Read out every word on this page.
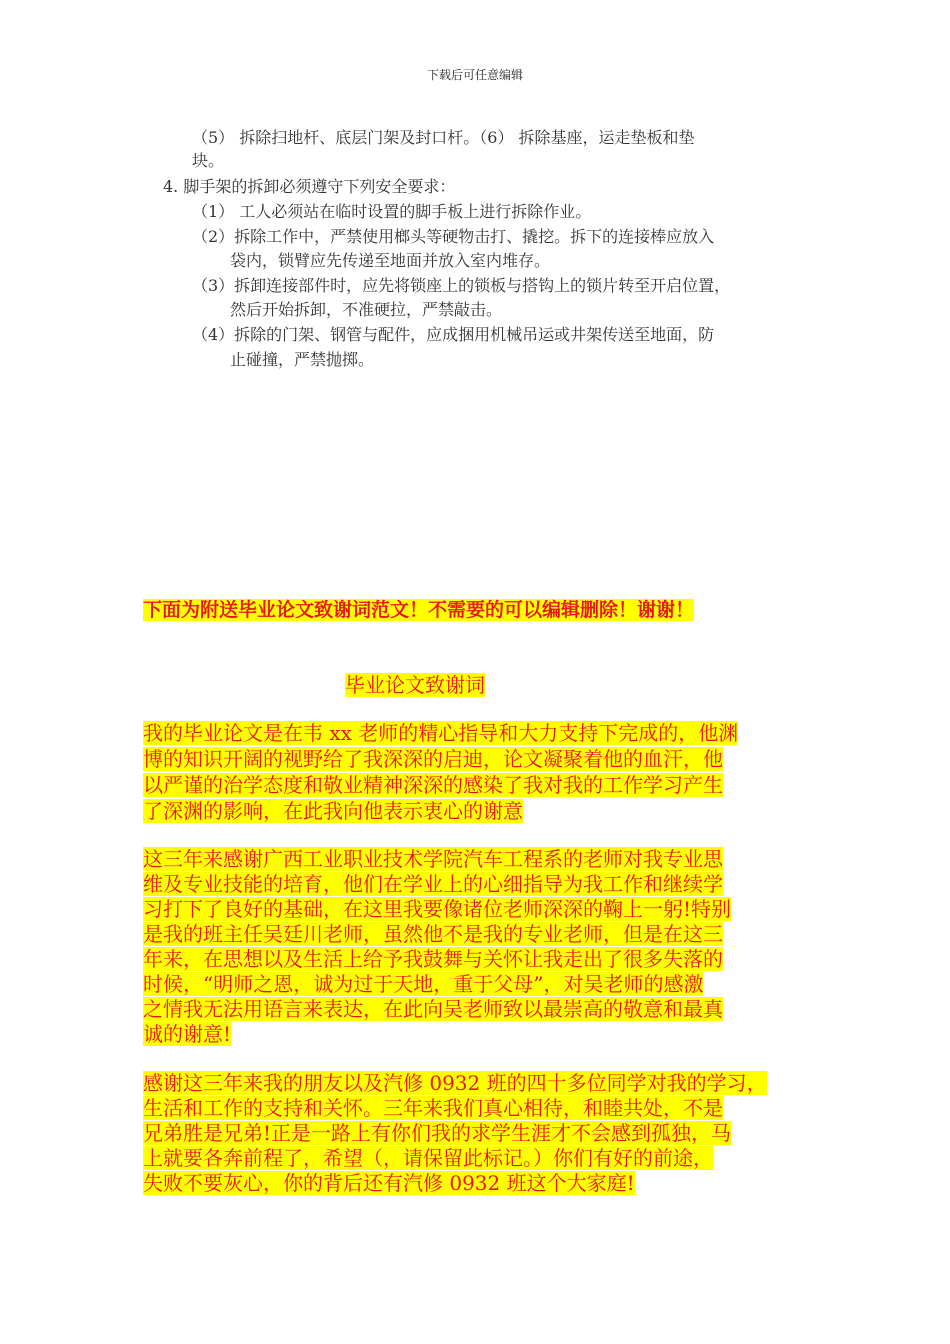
下载后可任意编辑
（5） 拆除扫地杆、底层门架及封口杆。（6） 拆除基座，运走垫板和垫
块。
4. 脚手架的拆卸必须遵守下列安全要求：
（1） 工人必须站在临时设置的脚手板上进行拆除作业。
（2）拆除工作中，严禁使用榔头等硬物击打、撬挖。拆下的连接棒应放入
袋内，锁臂应先传递至地面并放入室内堆存。
（3）拆卸连接部件时，应先将锁座上的锁板与搭钩上的锁片转至开启位置，
然后开始拆卸，不准硬拉，严禁敲击。
（4）拆除的门架、钢管与配件，应成捆用机械吊运或井架传送至地面，防
止碰撞，严禁抛掷。
下面为附送毕业论文致谢词范文！不需要的可以编辑删除！谢谢！
毕业论文致谢词
我的毕业论文是在韦 xx 老师的精心指导和大力支持下完成的，他渊
博的知识开阔的视野给了我深深的启迪，论文凝聚着他的血汗，他
以严谨的治学态度和敬业精神深深的感染了我对我的工作学习产生
了深渊的影响，在此我向他表示衷心的谢意
这三年来感谢广西工业职业技术学院汽车工程系的老师对我专业思
维及专业技能的培育，他们在学业上的心细指导为我工作和继续学
习打下了良好的基础，在这里我要像诸位老师深深的鞠上一躬!特别
是我的班主任吴廷川老师，虽然他不是我的专业老师，但是在这三
年来，在思想以及生活上给予我鼓舞与关怀让我走出了很多失落的
时候，“明师之恩，诚为过于天地，重于父母”，对吴老师的感激
之情我无法用语言来表达，在此向吴老师致以最崇高的敬意和最真
诚的谢意!
感谢这三年来我的朋友以及汽修 0932 班的四十多位同学对我的学习，
生活和工作的支持和关怀。三年来我们真心相待，和睦共处，不是
兄弟胜是兄弟!正是一路上有你们我的求学生涯才不会感到孤独，马
上就要各奔前程了，希望（，请保留此标记。）你们有好的前途，
失败不要灰心，你的背后还有汽修 0932 班这个大家庭!
